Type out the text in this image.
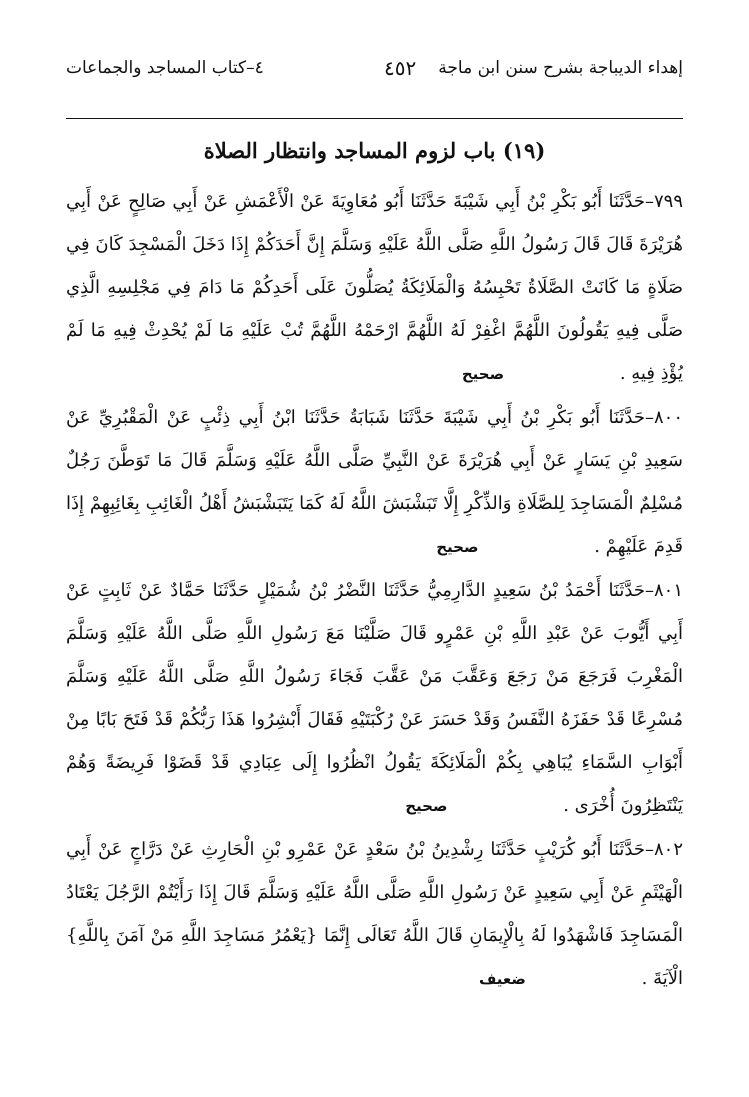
إهداء الديباجة بشرح سنن ابن ماجة
٤٥٢
٤–كتاب المساجد والجماعات
(١٩) باب لزوم المساجد وانتظار الصلاة

٧٩٩–حَدَّثَنَا أَبُو بَكْرِ بْنُ أَبِي شَيْبَةَ حَدَّثَنَا أَبُو مُعَاوِيَةَ عَنْ الْأَعْمَشِ عَنْ أَبِي صَالِحٍ عَنْ أَبِي هُرَيْرَةَ قَالَ قَالَ رَسُولُ اللَّهِ صَلَّى اللَّهُ عَلَيْهِ وَسَلَّمَ إِنَّ أَحَدَكُمْ إِذَا دَخَلَ الْمَسْجِدَ كَانَ فِي صَلَاةٍ مَا كَانَتْ الصَّلَاةُ تَحْبِسُهُ وَالْمَلَائِكَةُ يُصَلُّونَ عَلَى أَحَدِكُمْ مَا دَامَ فِي مَجْلِسِهِ الَّذِي صَلَّى فِيهِ يَقُولُونَ اللَّهُمَّ اغْفِرْ لَهُ اللَّهُمَّ ارْحَمْهُ اللَّهُمَّ تُبْ عَلَيْهِ مَا لَمْ يُحْدِثْ فِيهِ مَا لَمْ يُؤْذِ فِيهِ . صحيح

٨٠٠–حَدَّثَنَا أَبُو بَكْرِ بْنُ أَبِي شَيْبَةَ حَدَّثَنَا شَبَابَةُ حَدَّثَنَا ابْنُ أَبِي ذِئْبٍ عَنْ الْمَقْبُرِيِّ عَنْ سَعِيدِ بْنِ يَسَارٍ عَنْ أَبِي هُرَيْرَةَ عَنْ النَّبِيِّ صَلَّى اللَّهُ عَلَيْهِ وَسَلَّمَ قَالَ مَا تَوَطَّنَ رَجُلٌ مُسْلِمٌ الْمَسَاجِدَ لِلصَّلَاةِ وَالذِّكْرِ إِلَّا تَبَشْبَشَ اللَّهُ لَهُ كَمَا يَتَبَشْبَشُ أَهْلُ الْغَائِبِ بِغَائِبِهِمْ إِذَا قَدِمَ عَلَيْهِمْ . صحيح

٨٠١–حَدَّثَنَا أَحْمَدُ بْنُ سَعِيدٍ الدَّارِمِيُّ حَدَّثَنَا النَّضْرُ بْنُ شُمَيْلٍ حَدَّثَنَا حَمَّادٌ عَنْ ثَابِتٍ عَنْ أَبِي أَيُّوبَ عَنْ عَبْدِ اللَّهِ بْنِ عَمْرٍو قَالَ صَلَّيْنَا مَعَ رَسُولِ اللَّهِ صَلَّى اللَّهُ عَلَيْهِ وَسَلَّمَ الْمَغْرِبَ فَرَجَعَ مَنْ رَجَعَ وَعَقَّبَ مَنْ عَقَّبَ فَجَاءَ رَسُولُ اللَّهِ صَلَّى اللَّهُ عَلَيْهِ وَسَلَّمَ مُسْرِعًا قَدْ حَفَزَهُ النَّفَسُ وَقَدْ حَسَرَ عَنْ رُكْبَتَيْهِ فَقَالَ أَبْشِرُوا هَذَا رَبُّكُمْ قَدْ فَتَحَ بَابًا مِنْ أَبْوَابِ السَّمَاءِ يُبَاهِي بِكُمْ الْمَلَائِكَةَ يَقُولُ انْظُرُوا إِلَى عِبَادِي قَدْ قَضَوْا فَرِيضَةً وَهُمْ يَنْتَظِرُونَ أُخْرَى . صحيح

٨٠٢–حَدَّثَنَا أَبُو كُرَيْبٍ حَدَّثَنَا رِشْدِينُ بْنُ سَعْدٍ عَنْ عَمْرِو بْنِ الْحَارِثِ عَنْ دَرَّاجٍ عَنْ أَبِي الْهَيْثَمِ عَنْ أَبِي سَعِيدٍ عَنْ رَسُولِ اللَّهِ صَلَّى اللَّهُ عَلَيْهِ وَسَلَّمَ قَالَ إِذَا رَأَيْتُمْ الرَّجُلَ يَعْتَادُ الْمَسَاجِدَ فَاشْهَدُوا لَهُ بِالْإِيمَانِ قَالَ اللَّهُ تَعَالَى إِنَّمَا {يَعْمُرُ مَسَاجِدَ اللَّهِ مَنْ آمَنَ بِاللَّهِ} الْآيَةَ . ضعيف
